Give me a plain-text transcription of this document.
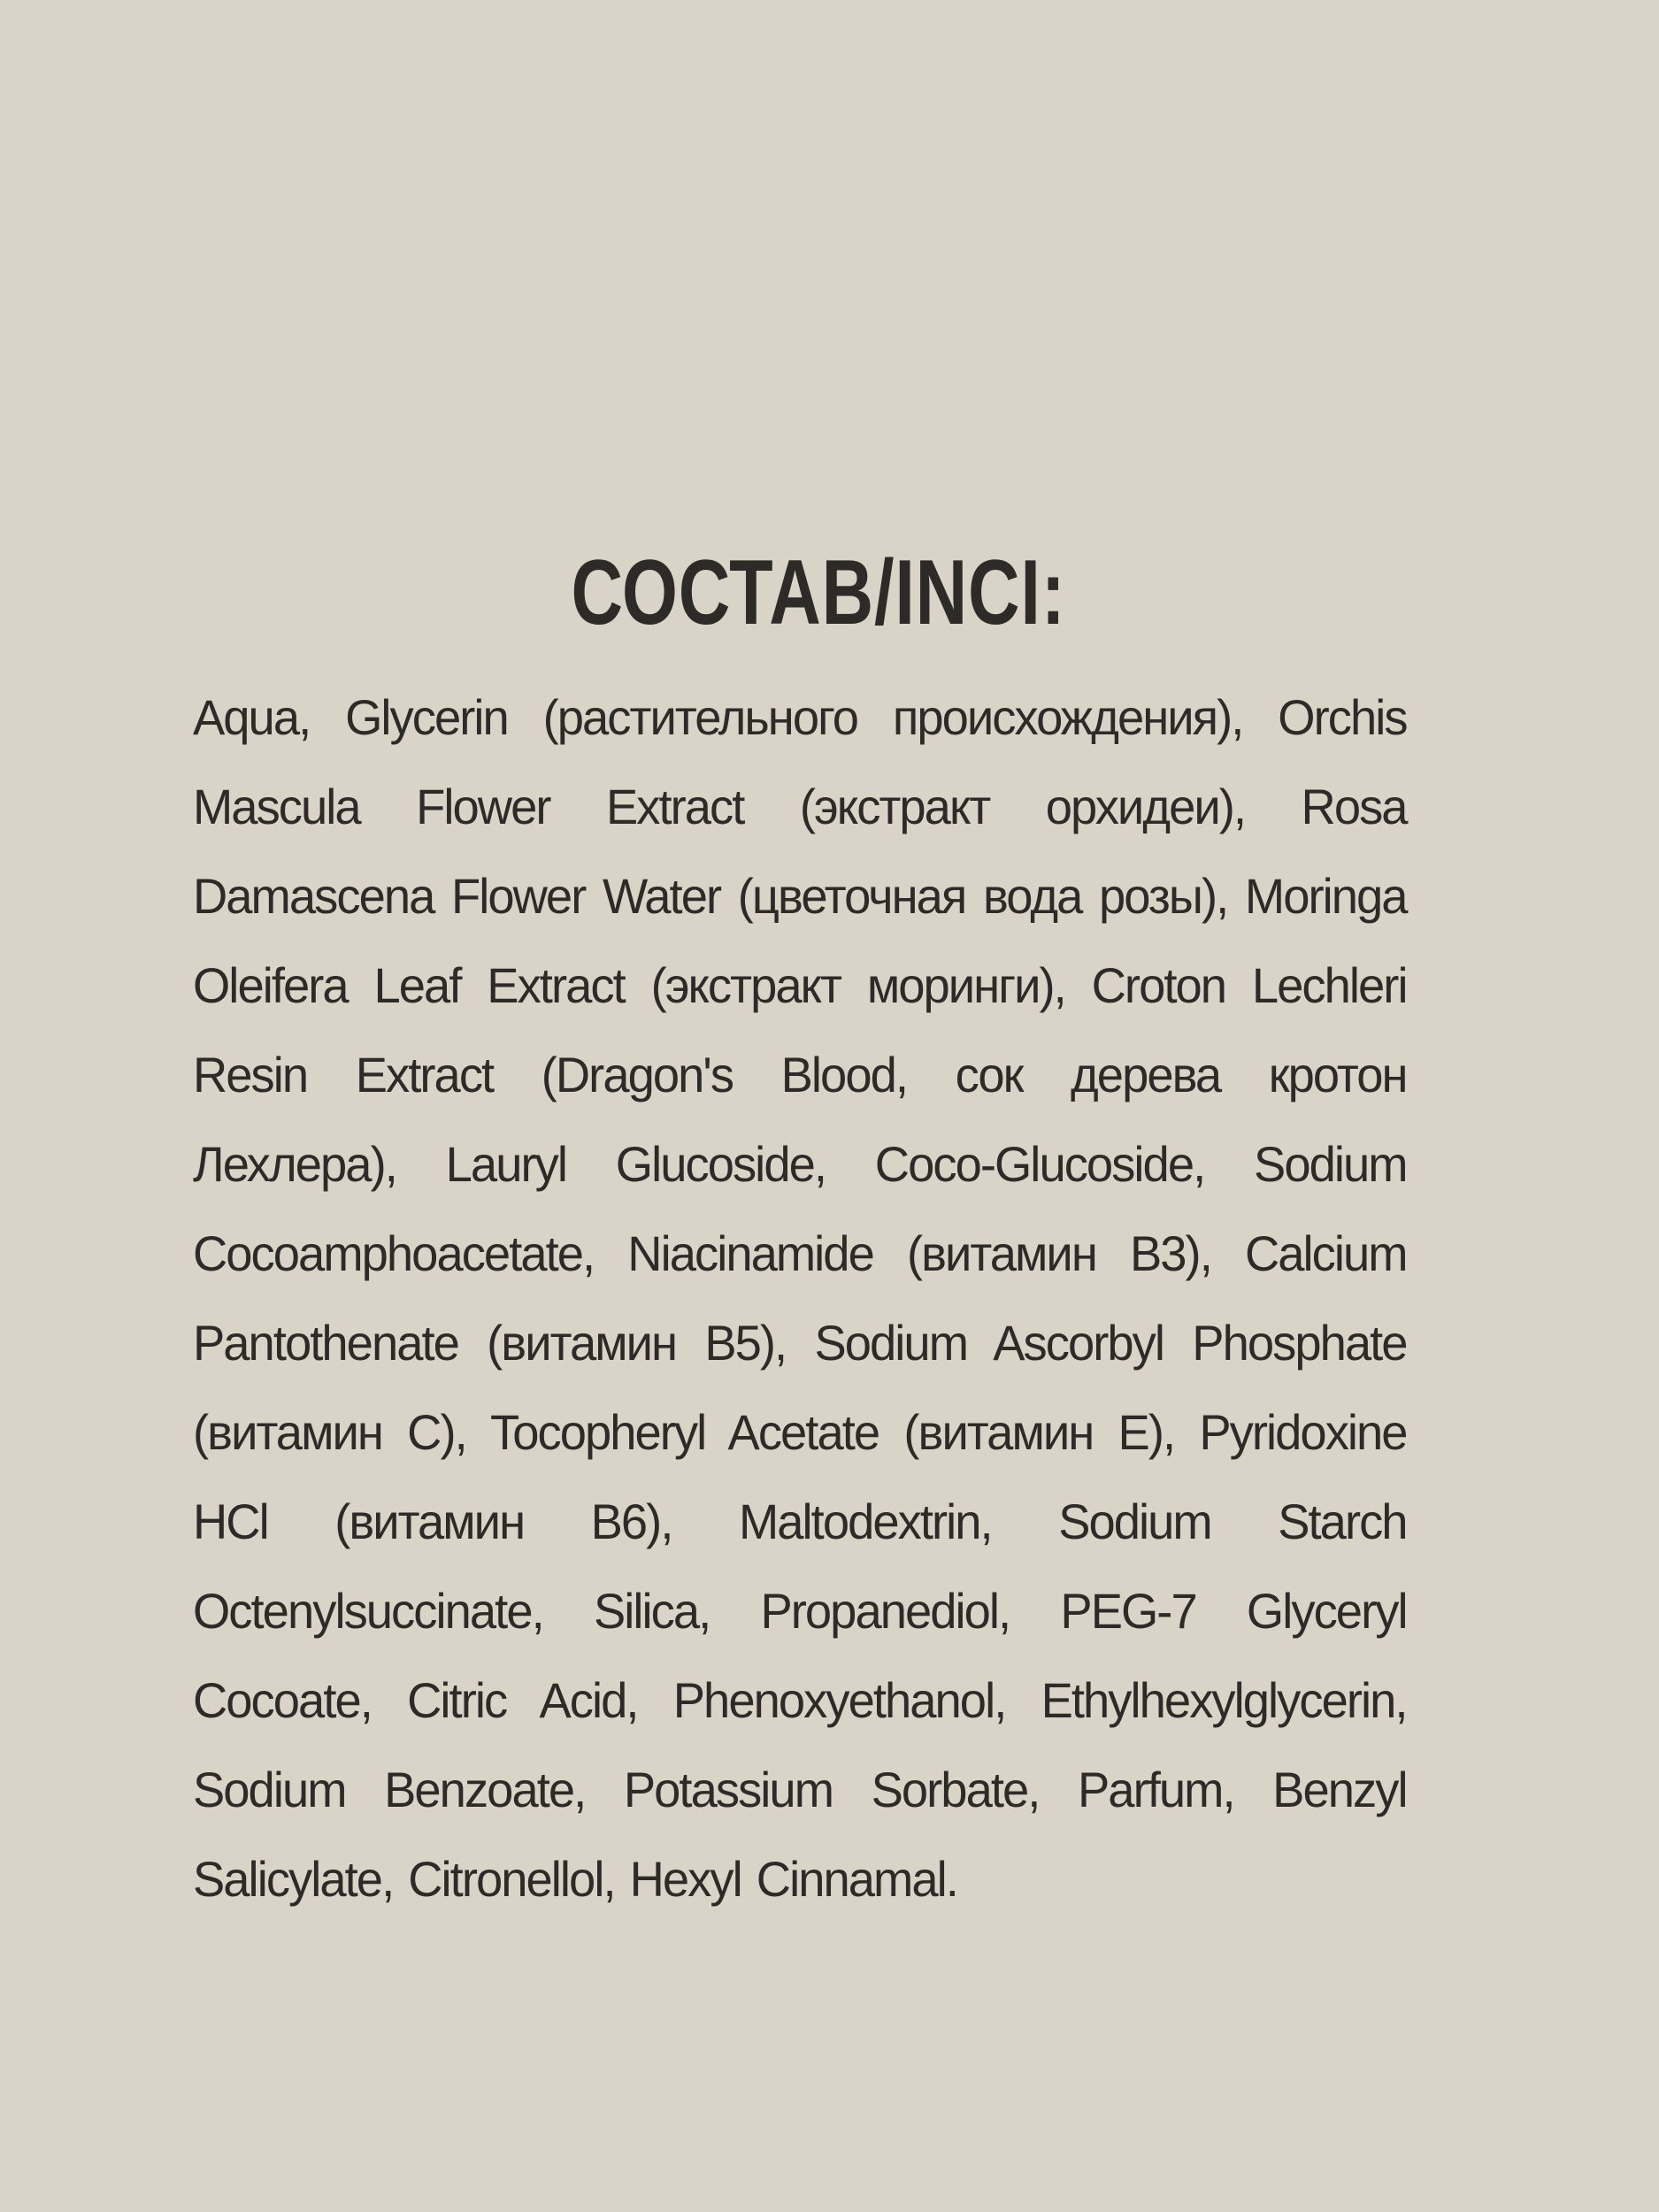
СОСТАВ/INCI:

Aqua, Glycerin (растительного происхождения), Orchis Mascula Flower Extract (экстракт орхидеи), Rosa Damascena Flower Water (цветочная вода розы), Moringa Oleifera Leaf Extract (экстракт моринги), Croton Lechleri Resin Extract (Dragon's Blood, сок дерева кротон Лехлера), Lauryl Glucoside, Coco-Glucoside, Sodium Cocoamphoacetate, Niacinamide (витамин B3), Calcium Pantothenate (витамин B5), Sodium Ascorbyl Phosphate (витамин C), Tocopheryl Acetate (витамин E), Pyridoxine HCl (витамин B6), Maltodextrin, Sodium Starch Octenylsuccinate, Silica, Propanediol, PEG-7 Glyceryl Cocoate, Citric Acid, Phenoxyethanol, Ethylhexylglycerin, Sodium Benzoate, Potassium Sorbate, Parfum, Benzyl Salicylate, Citronellol, Hexyl Cinnamal.
